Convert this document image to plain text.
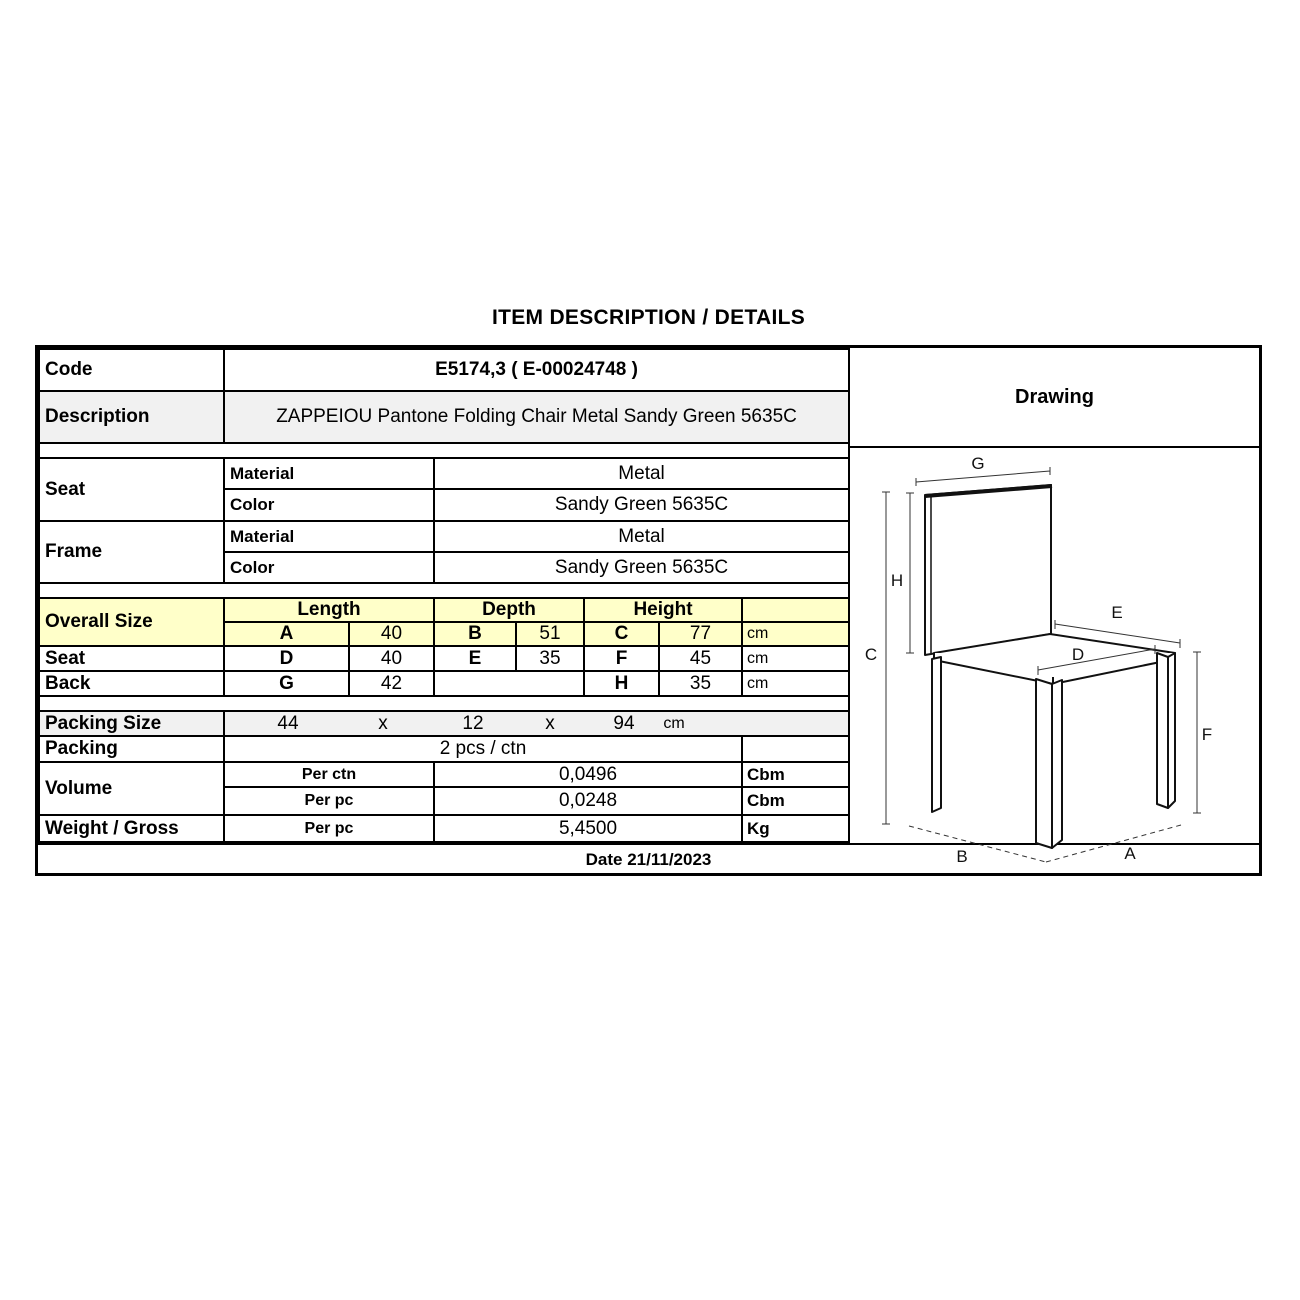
ITEM DESCRIPTION / DETAILS
Code	E5174,3 ( E-00024748 )						
Description	ZAPPEIOU Pantone Folding Chair Metal Sandy Green 5635C						

Seat	Material		Metal				
	Color		Sandy Green 5635C				
Frame	Material		Metal				
	Color		Sandy Green 5635C				

Overall Size	Length		Depth		Height		
	A	40	B	51	C	77	cm
Seat	D	40	E	35	F	45	cm
Back	G	42			H	35	cm

Packing Size	44	x	12	x	94 cm

Packing	2 pcs / ctn						
Volume	Per ctn		0,0496				Cbm
	Per pc		0,0248				Cbm
Weight / Gross	Per pc		5,4500				Kg
Drawing
G
H
C
E
D
F
B	A
Date 21/11/2023
